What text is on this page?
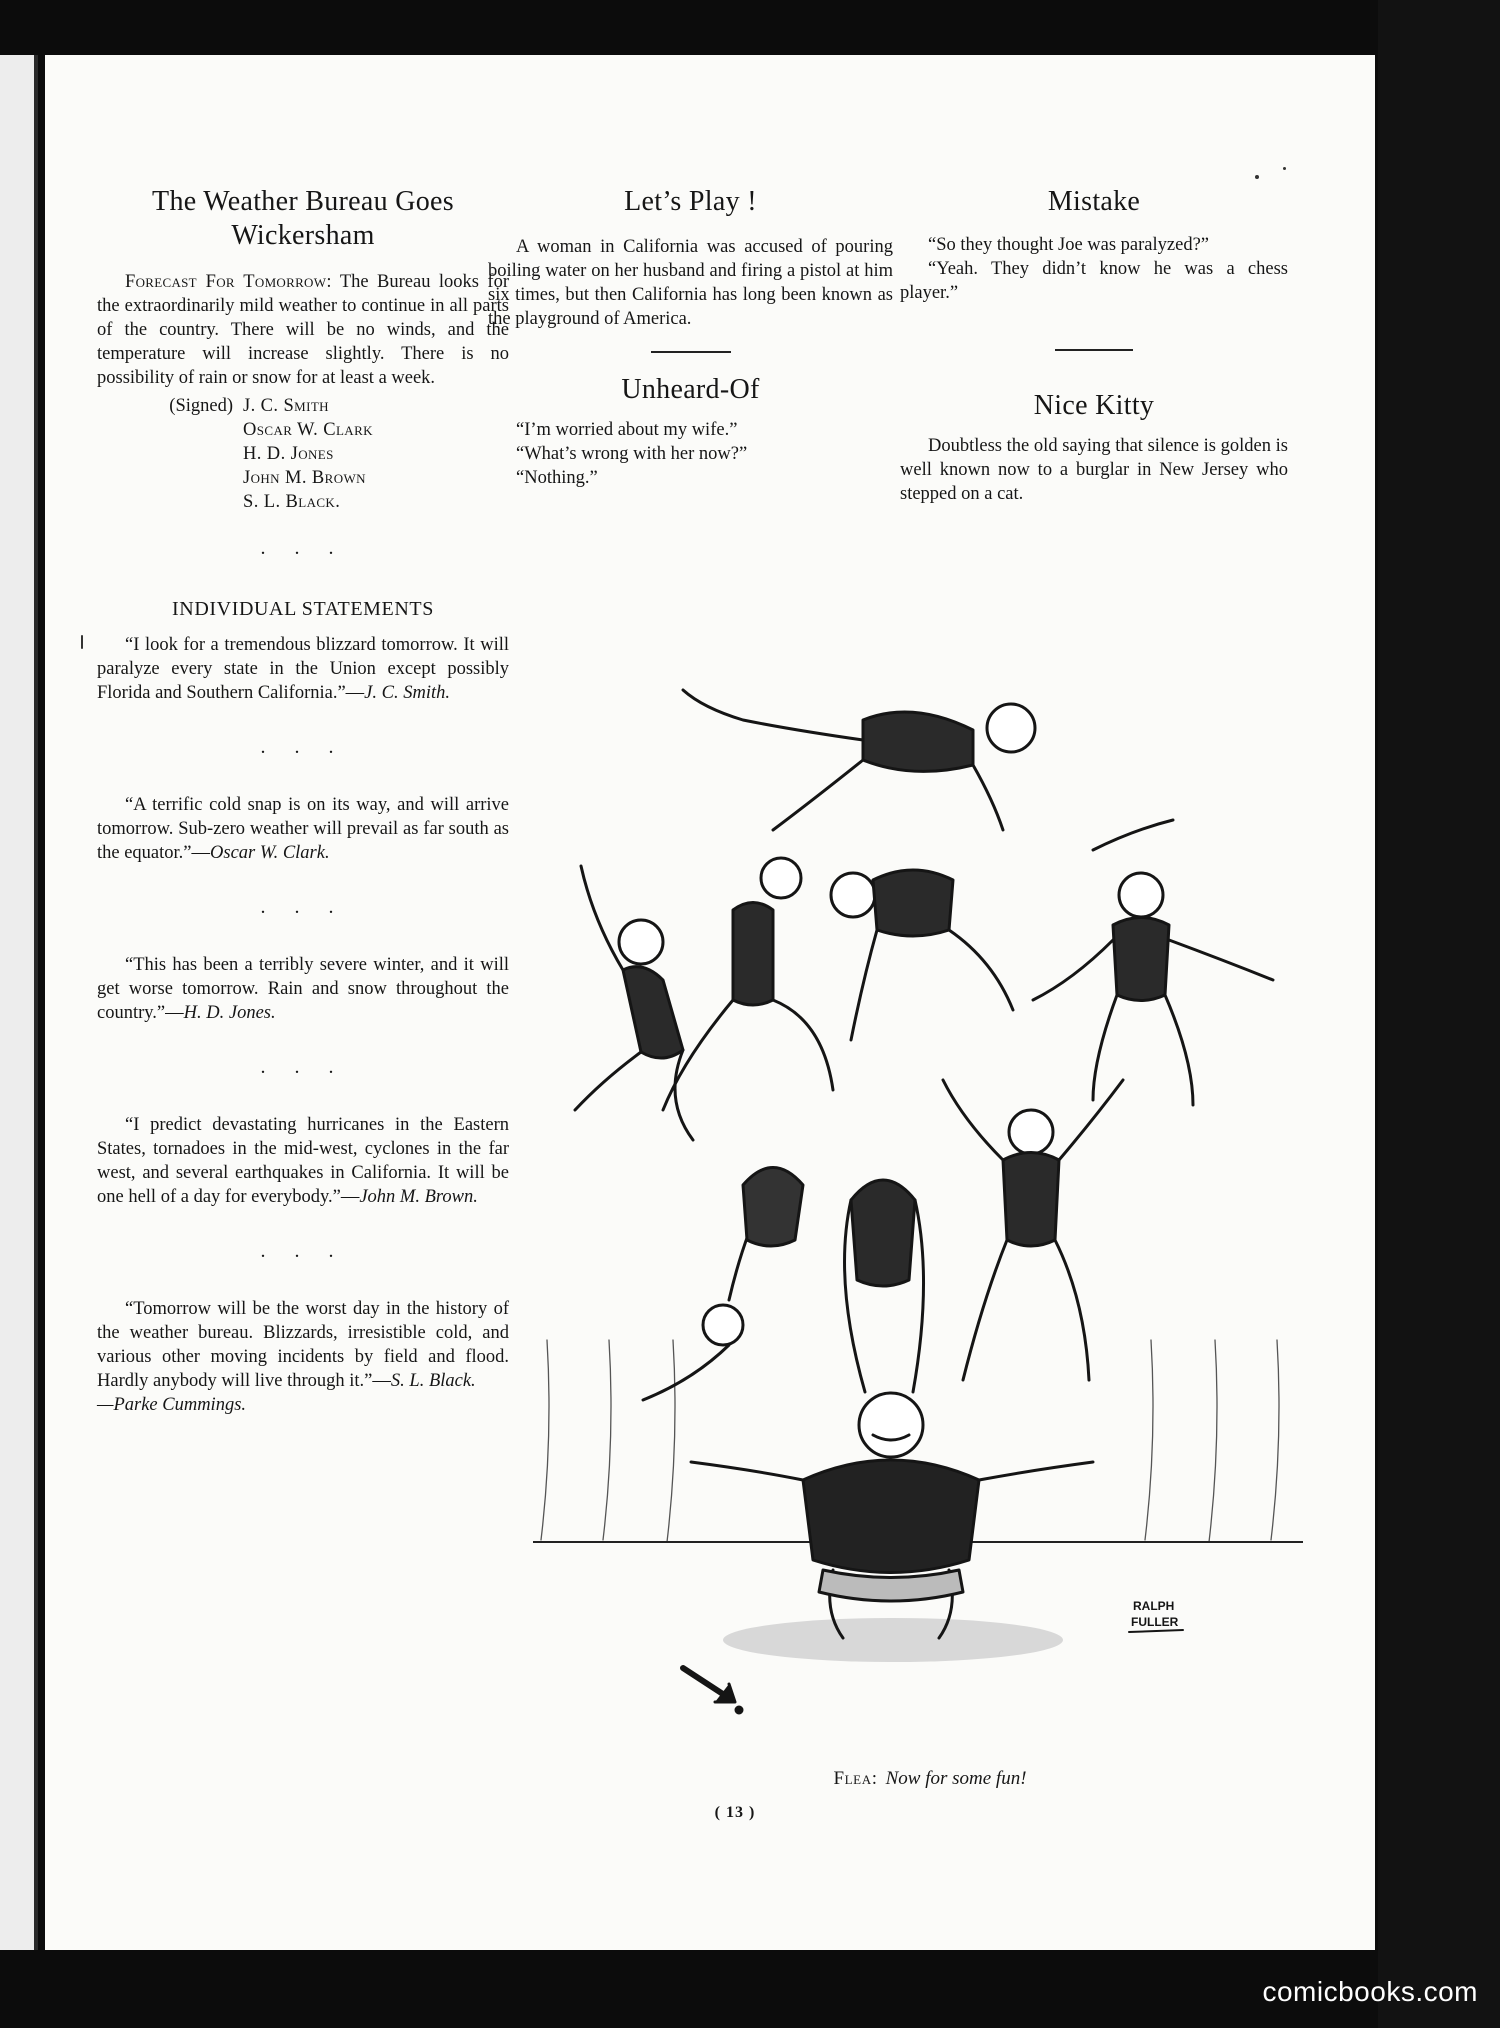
The Weather Bureau Goes
Wickersham

Forecast For Tomorrow: The Bureau looks for the extraordinarily mild weather to continue in all parts of the country. There will be no winds, and the temperature will increase slightly. There is no possibility of rain or snow for at least a week.

(Signed) J. C. Smith
Oscar W. Clark
H. D. Jones
John M. Brown
S. L. Black.
. . .
INDIVIDUAL STATEMENTS

“I look for a tremendous blizzard tomorrow. It will paralyze every state in the Union except possibly Florida and Southern California.”—J. C. Smith.

. . .

“A terrific cold snap is on its way, and will arrive tomorrow. Sub-zero weather will prevail as far south as the equator.”—Oscar W. Clark.

. . .

“This has been a terribly severe winter, and it will get worse tomorrow. Rain and snow throughout the country.”—H. D. Jones.

. . .

“I predict devastating hurricanes in the Eastern States, tornadoes in the mid-west, cyclones in the far west, and several earthquakes in California. It will be one hell of a day for everybody.”—John M. Brown.

. . .

“Tomorrow will be the worst day in the history of the weather bureau. Blizzards, irresistible cold, and various other moving incidents by field and flood. Hardly anybody will live through it.”—S. L. Black.

—Parke Cummings.

Let’s Play !

A woman in California was accused of pouring boiling water on her husband and firing a pistol at him six times, but then California has long been known as the playground of America.

Unheard-Of

“I’m worried about my wife.”

“What’s wrong with her now?”

“Nothing.”

Mistake

“So they thought Joe was paralyzed?”

“Yeah. They didn’t know he was a chess player.”

Nice Kitty

Doubtless the old saying that silence is golden is well known now to a burglar in New Jersey who stepped on a cat.

RALPH
FULLER
Flea: Now for some fun!
( 13 )
comicbooks.com
